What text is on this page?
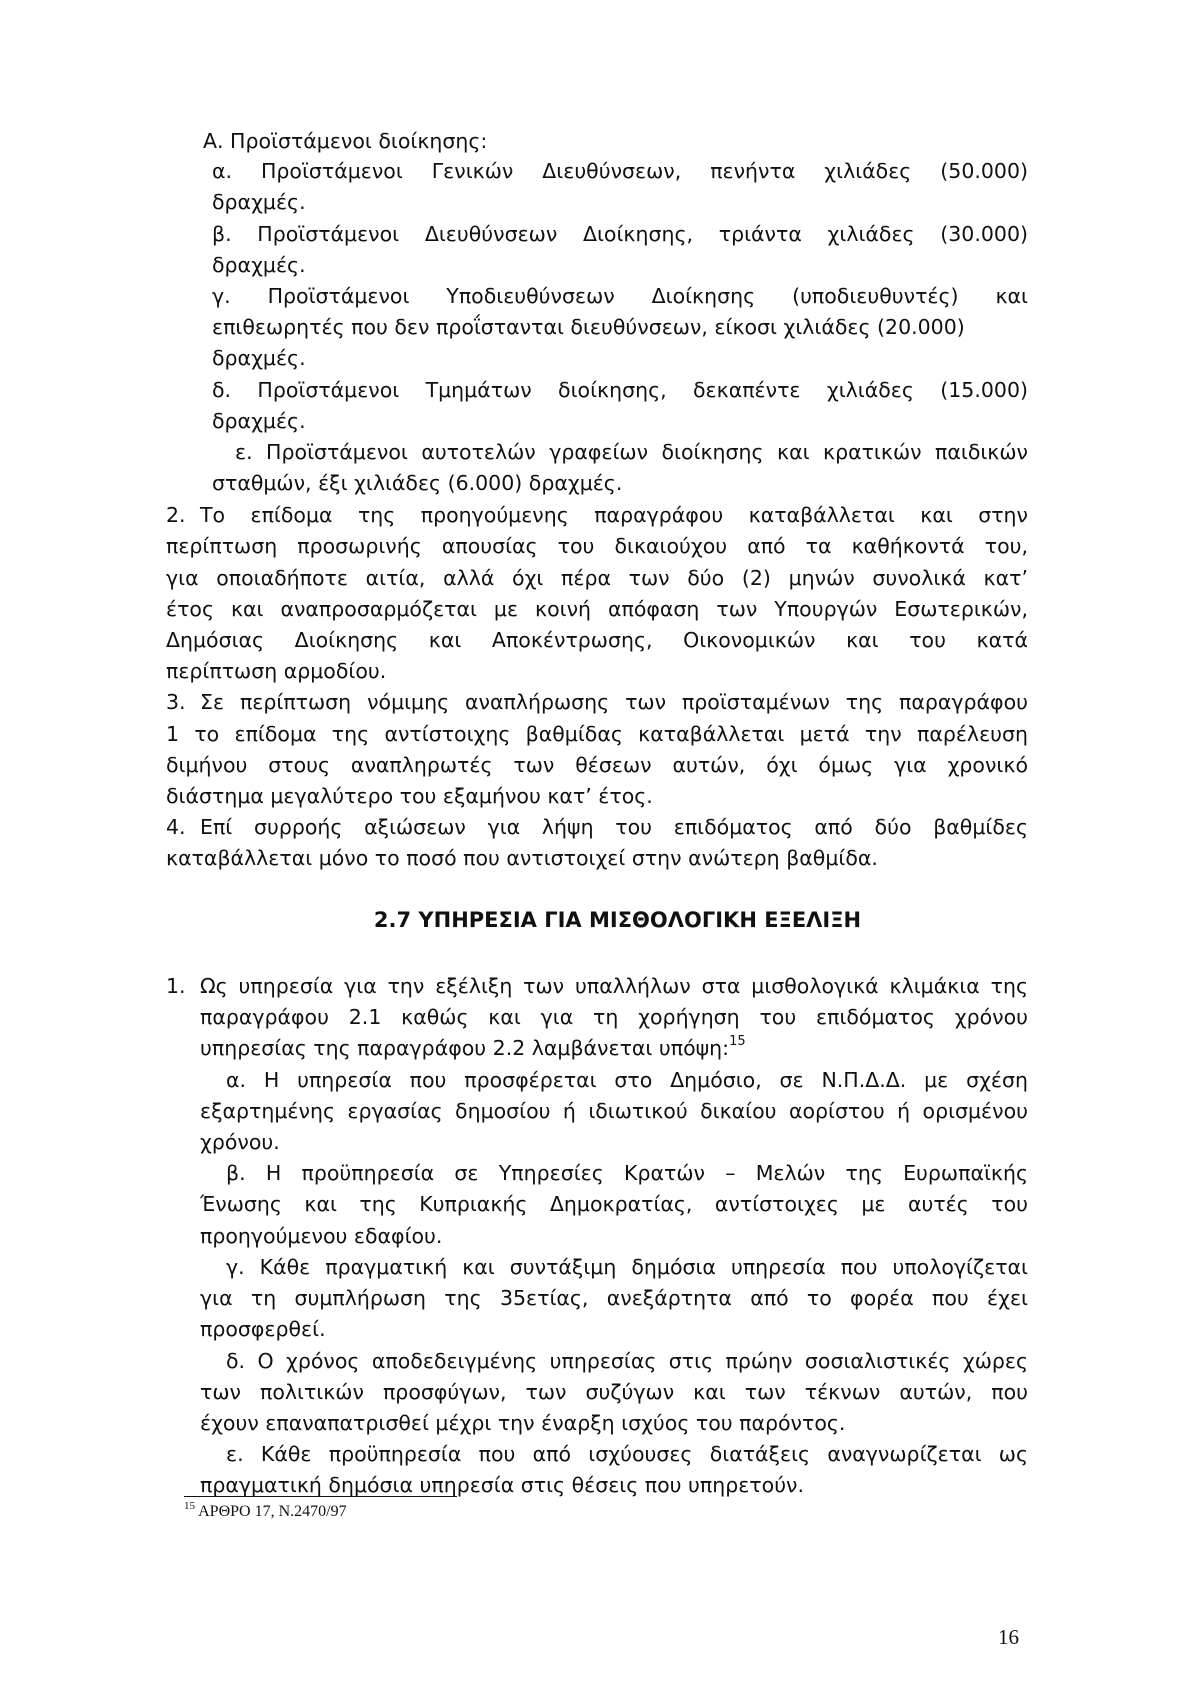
Α. Προϊστάμενοι διοίκησης:
α. Προϊστάμενοι Γενικών Διευθύνσεων, πενήντα χιλιάδες (50.000)
δραχμές.
β. Προϊστάμενοι Διευθύνσεων Διοίκησης, τριάντα χιλιάδες (30.000)
δραχμές.
γ. Προϊστάμενοι Υποδιευθύνσεων Διοίκησης (υποδιευθυντές) και
επιθεωρητές που δεν προΐστανται διευθύνσεων, είκοσι χιλιάδες (20.000)
δραχμές.
δ. Προϊστάμενοι Τμημάτων διοίκησης, δεκαπέντε χιλιάδες (15.000)
δραχμές.
ε. Προϊστάμενοι αυτοτελών γραφείων διοίκησης και κρατικών παιδικών
σταθμών, έξι χιλιάδες (6.000) δραχμές.
2. Το επίδομα της προηγούμενης παραγράφου καταβάλλεται και στην
περίπτωση προσωρινής απουσίας του δικαιούχου από τα καθήκοντά του,
για οποιαδήποτε αιτία, αλλά όχι πέρα των δύο (2) μηνών συνολικά κατ’
έτος και αναπροσαρμόζεται με κοινή απόφαση των Υπουργών Εσωτερικών,
Δημόσιας Διοίκησης και Αποκέντρωσης, Οικονομικών και του κατά
περίπτωση αρμοδίου.
3. Σε περίπτωση νόμιμης αναπλήρωσης των προϊσταμένων της παραγράφου
1 το επίδομα της αντίστοιχης βαθμίδας καταβάλλεται μετά την παρέλευση
διμήνου στους αναπληρωτές των θέσεων αυτών, όχι όμως για χρονικό
διάστημα μεγαλύτερο του εξαμήνου κατ’ έτος.
4. Επί συρροής αξιώσεων για λήψη του επιδόματος από δύο βαθμίδες
καταβάλλεται μόνο το ποσό που αντιστοιχεί στην ανώτερη βαθμίδα.
2.7 ΥΠΗΡΕΣΙΑ ΓΙΑ ΜΙΣΘΟΛΟΓΙΚΗ ΕΞΕΛΙΞΗ
1. Ως υπηρεσία για την εξέλιξη των υπαλλήλων στα μισθολογικά κλιμάκια της
παραγράφου 2.1 καθώς και για τη χορήγηση του επιδόματος χρόνου
υπηρεσίας της παραγράφου 2.2 λαμβάνεται υπόψη:$^{15}$
α. Η υπηρεσία που προσφέρεται στο Δημόσιο, σε Ν.Π.Δ.Δ. με σχέση
εξαρτημένης εργασίας δημοσίου ή ιδιωτικού δικαίου αορίστου ή ορισμένου
χρόνου.
β. Η προϋπηρεσία σε Υπηρεσίες Κρατών – Μελών της Ευρωπαϊκής
Ένωσης και της Κυπριακής Δημοκρατίας, αντίστοιχες με αυτές του
προηγούμενου εδαφίου.
γ. Κάθε πραγματική και συντάξιμη δημόσια υπηρεσία που υπολογίζεται
για τη συμπλήρωση της 35ετίας, ανεξάρτητα από το φορέα που έχει
προσφερθεί.
δ. Ο χρόνος αποδεδειγμένης υπηρεσίας στις πρώην σοσιαλιστικές χώρες
των πολιτικών προσφύγων, των συζύγων και των τέκνων αυτών, που
έχουν επαναπατρισθεί μέχρι την έναρξη ισχύος του παρόντος.
ε. Κάθε προϋπηρεσία που από ισχύουσες διατάξεις αναγνωρίζεται ως
πραγματική δημόσια υπηρεσία στις θέσεις που υπηρετούν.
$^{15}$ ΑΡΘΡΟ 17, Ν.2470/97
16
